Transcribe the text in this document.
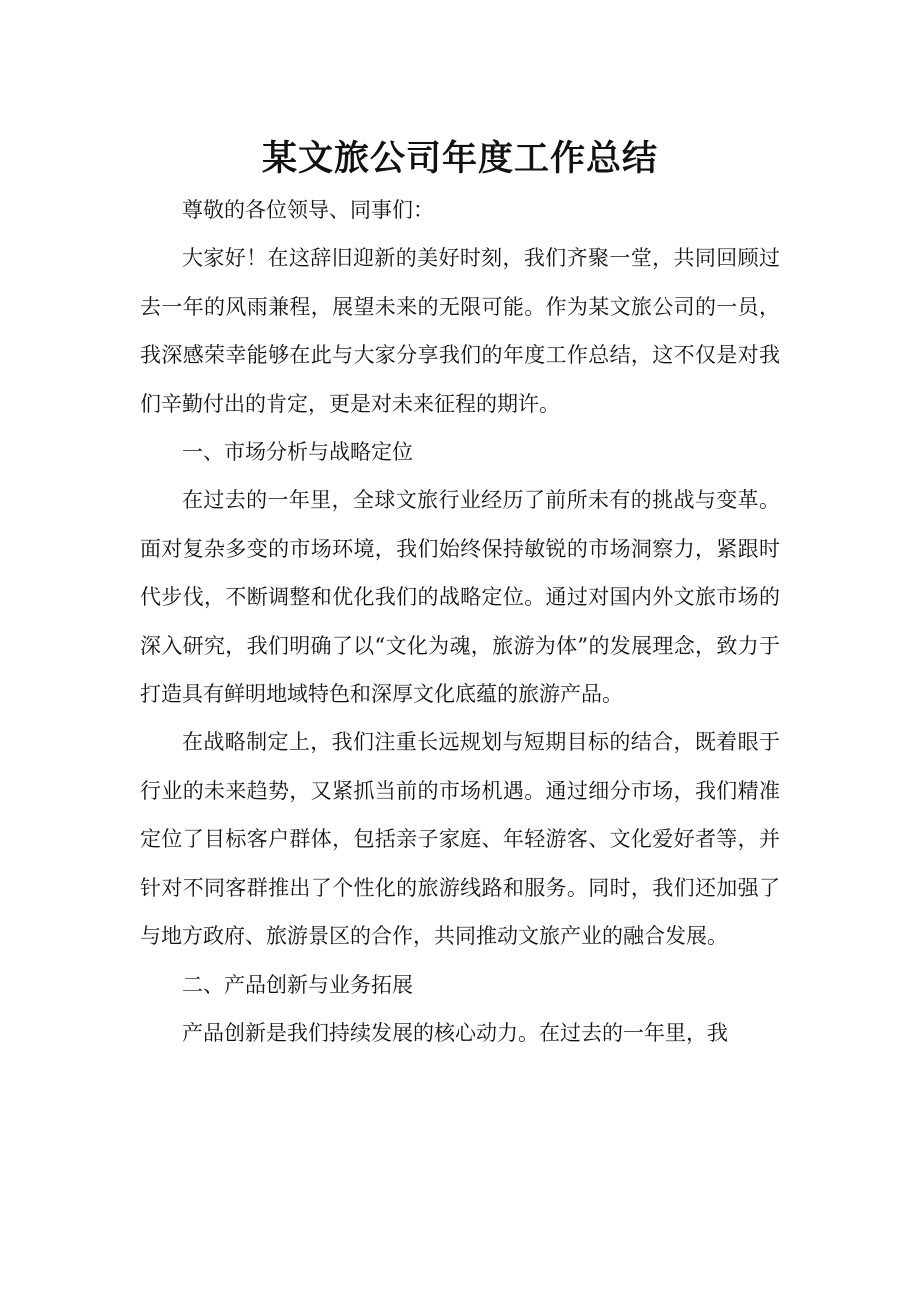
某文旅公司年度工作总结

尊敬的各位领导、同事们：

大家好！在这辞旧迎新的美好时刻，我们齐聚一堂，共同回顾过去一年的风雨兼程，展望未来的无限可能。作为某文旅公司的一员，我深感荣幸能够在此与大家分享我们的年度工作总结，这不仅是对我们辛勤付出的肯定，更是对未来征程的期许。

一、市场分析与战略定位

在过去的一年里，全球文旅行业经历了前所未有的挑战与变革。面对复杂多变的市场环境，我们始终保持敏锐的市场洞察力，紧跟时代步伐，不断调整和优化我们的战略定位。通过对国内外文旅市场的深入研究，我们明确了以“文化为魂，旅游为体”的发展理念，致力于打造具有鲜明地域特色和深厚文化底蕴的旅游产品。

在战略制定上，我们注重长远规划与短期目标的结合，既着眼于行业的未来趋势，又紧抓当前的市场机遇。通过细分市场，我们精准定位了目标客户群体，包括亲子家庭、年轻游客、文化爱好者等，并针对不同客群推出了个性化的旅游线路和服务。同时，我们还加强了与地方政府、旅游景区的合作，共同推动文旅产业的融合发展。

二、产品创新与业务拓展

产品创新是我们持续发展的核心动力。在过去的一年里，我
